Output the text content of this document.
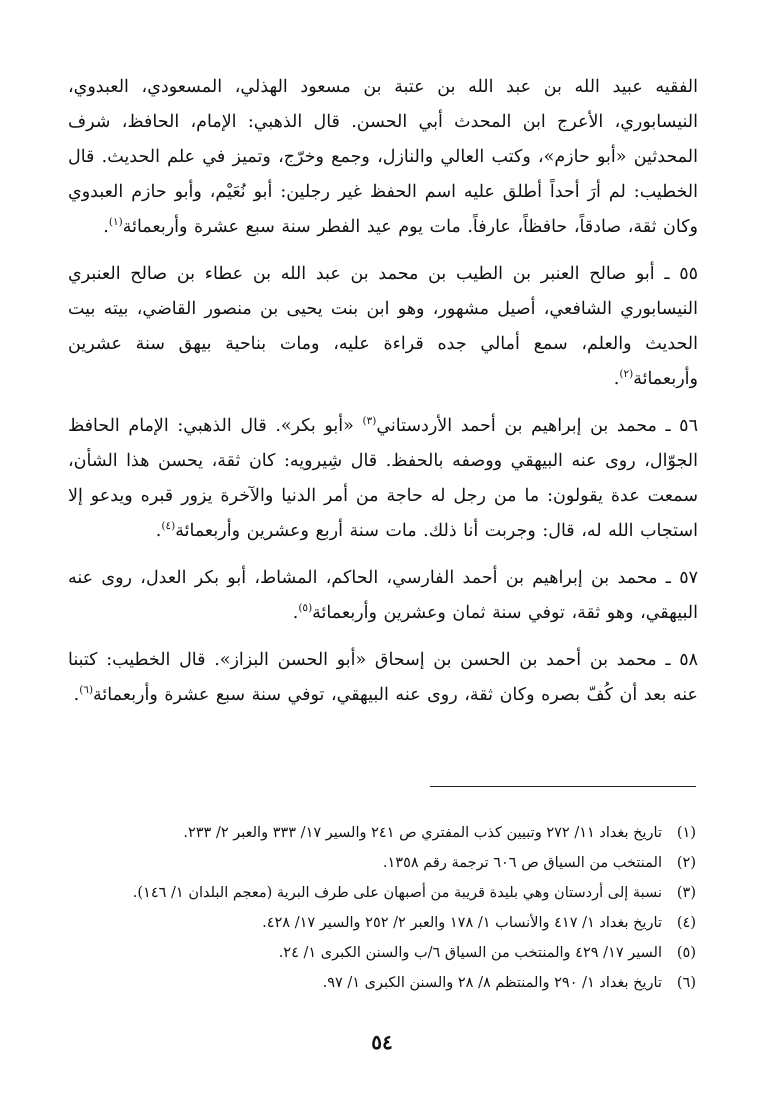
الفقيه عبيد الله بن عبد الله بن عتبة بن مسعود الهذلي، المسعودي، العبدوي، النيسابوري، الأعرج ابن المحدث أبي الحسن. قال الذهبي: الإمام، الحافظ، شرف المحدثين «أبو حازم»، وكتب العالي والنازل، وجمع وخرّج، وتميز في علم الحديث. قال الخطيب: لم أرَ أحداً أطلق عليه اسم الحفظ غير رجلين: أبو نُعَيْم، وأبو حازم العبدوي وكان ثقة، صادقاً، حافظاً، عارفاً. مات يوم عيد الفطر سنة سبع عشرة وأربعمائة$^{(١)}$.

٥٥ ـ أبو صالح العنبر بن الطيب بن محمد بن عبد الله بن عطاء بن صالح العنبري النيسابوري الشافعي، أصيل مشهور، وهو ابن بنت يحيى بن منصور القاضي، بيته بيت الحديث والعلم، سمع أمالي جده قراءة عليه، ومات بناحية بيهق سنة عشرين وأربعمائة$^{(٢)}$.

٥٦ ـ محمد بن إبراهيم بن أحمد الأردستاني$^{(٣)}$ «أبو بكر». قال الذهبي: الإمام الحافظ الجوّال، روى عنه البيهقي ووصفه بالحفظ. قال شِيرويه: كان ثقة، يحسن هذا الشأن، سمعت عدة يقولون: ما من رجل له حاجة من أمر الدنيا والآخرة يزور قبره ويدعو إلا استجاب الله له، قال: وجربت أنا ذلك. مات سنة أربع وعشرين وأربعمائة$^{(٤)}$.

٥٧ ـ محمد بن إبراهيم بن أحمد الفارسي، الحاكم، المشاط، أبو بكر العدل، روى عنه البيهقي، وهو ثقة، توفي سنة ثمان وعشرين وأربعمائة$^{(٥)}$.

٥٨ ـ محمد بن أحمد بن الحسن بن إسحاق «أبو الحسن البزاز». قال الخطيب: كتبنا عنه بعد أن كُفّ بصره وكان ثقة، روى عنه البيهقي، توفي سنة سبع عشرة وأربعمائة$^{(٦)}$.

(١)تاريخ بغداد ١١/ ٢٧٢ وتبيين كذب المفتري ص ٢٤١ والسير ١٧/ ٣٣٣ والعبر ٢/ ٢٣٣.
(٢)المنتخب من السياق ص ٦٠٦ ترجمة رقم ١٣٥٨.
(٣)نسبة إلى أردستان وهي بليدة قريبة من أصبهان على طرف البرية (معجم البلدان ١/ ١٤٦).
(٤)تاريخ بغداد ١/ ٤١٧ والأنساب ١/ ١٧٨ والعبر ٢/ ٢٥٢ والسير ١٧/ ٤٢٨.
(٥)السير ١٧/ ٤٢٩ والمنتخب من السياق ٦/ب والسنن الكبرى ١/ ٢٤.
(٦)تاريخ بغداد ١/ ٢٩٠ والمنتظم ٨/ ٢٨ والسنن الكبرى ١/ ٩٧.
٥٤
